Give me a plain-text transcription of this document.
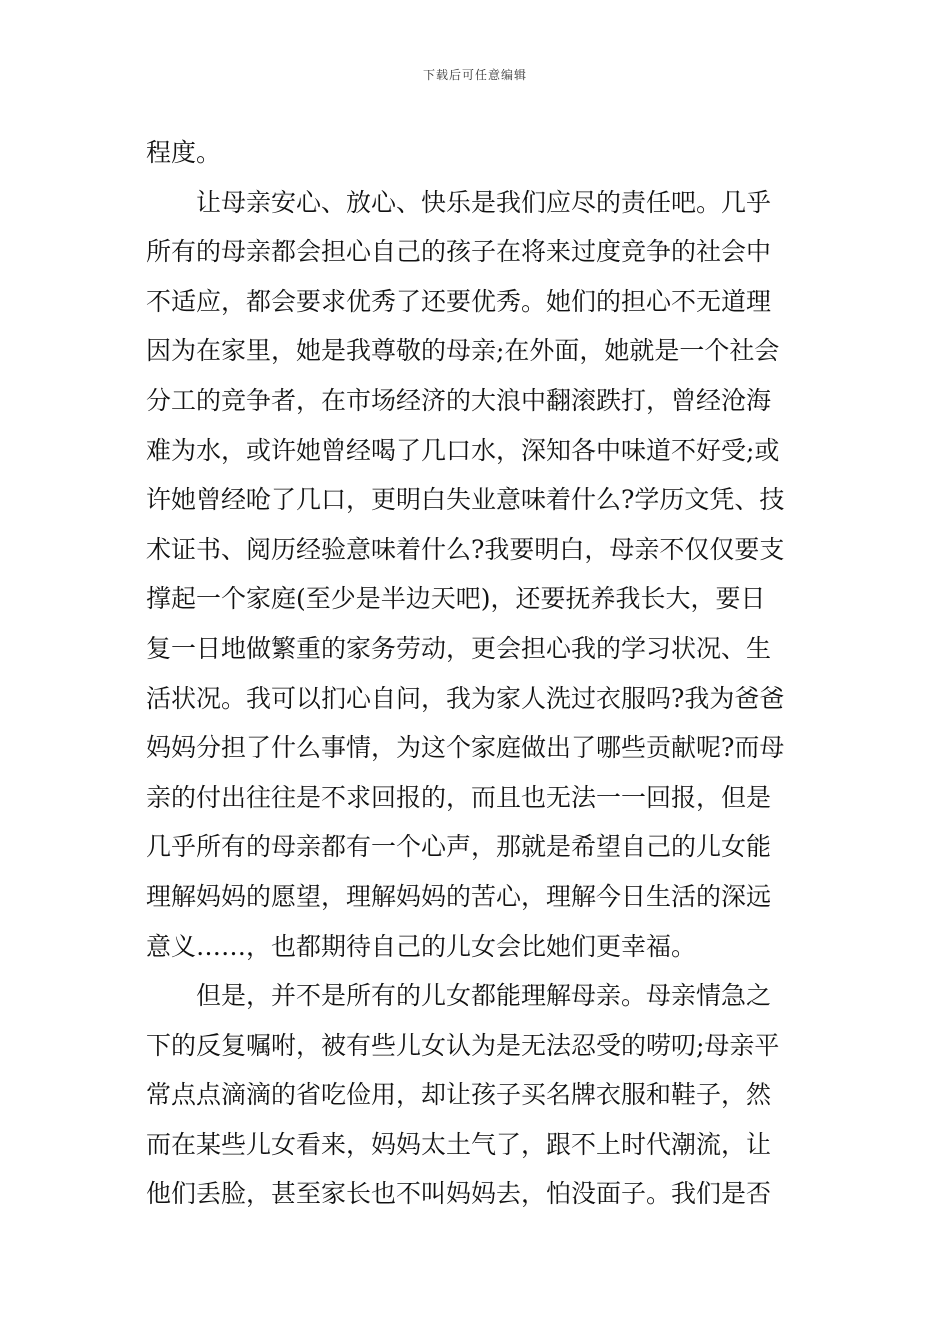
下载后可任意编辑
程度。
让母亲安心、放心、快乐是我们应尽的责任吧。几乎
所有的母亲都会担心自己的孩子在将来过度竞争的社会中
不适应，都会要求优秀了还要优秀。她们的担心不无道理
因为在家里，她是我尊敬的母亲;在外面，她就是一个社会
分工的竞争者，在市场经济的大浪中翻滚跌打，曾经沧海
难为水，或许她曾经喝了几口水，深知各中味道不好受;或
许她曾经呛了几口，更明白失业意味着什么?学历文凭、技
术证书、阅历经验意味着什么?我要明白，母亲不仅仅要支
撑起一个家庭(至少是半边天吧)，还要抚养我长大，要日
复一日地做繁重的家务劳动，更会担心我的学习状况、生
活状况。我可以扪心自问，我为家人洗过衣服吗?我为爸爸
妈妈分担了什么事情，为这个家庭做出了哪些贡献呢?而母
亲的付出往往是不求回报的，而且也无法一一回报，但是
几乎所有的母亲都有一个心声，那就是希望自己的儿女能
理解妈妈的愿望，理解妈妈的苦心，理解今日生活的深远
意义……，也都期待自己的儿女会比她们更幸福。
但是，并不是所有的儿女都能理解母亲。母亲情急之
下的反复嘱咐，被有些儿女认为是无法忍受的唠叨;母亲平
常点点滴滴的省吃俭用，却让孩子买名牌衣服和鞋子，然
而在某些儿女看来，妈妈太土气了，跟不上时代潮流，让
他们丢脸，甚至家长也不叫妈妈去，怕没面子。我们是否
